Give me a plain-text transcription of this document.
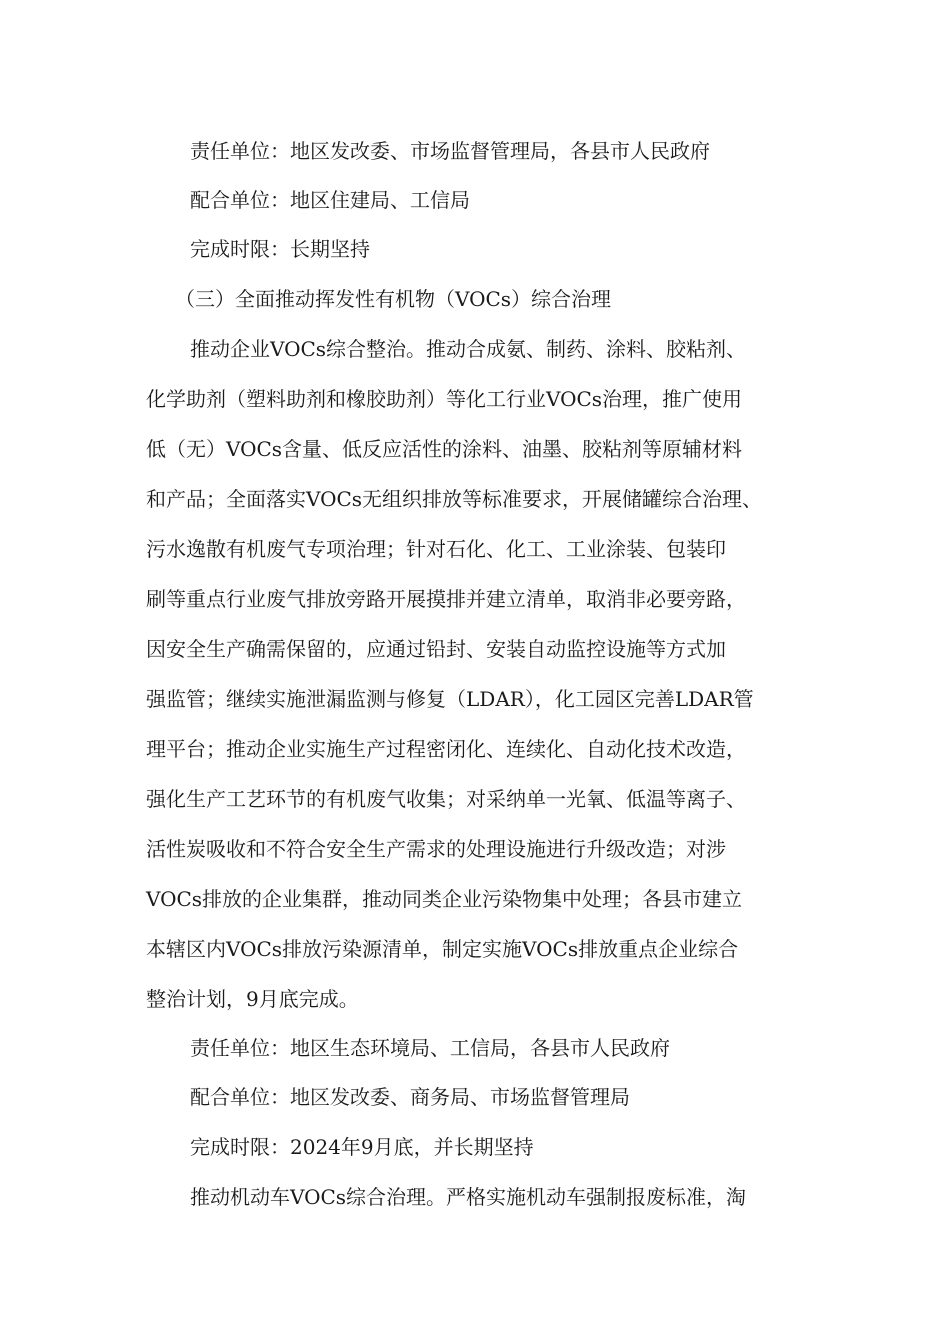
责任单位：地区发改委、市场监督管理局，各县市人民政府
配合单位：地区住建局、工信局
完成时限：长期坚持
（三）全面推动挥发性有机物（VOCs）综合治理
推动企业VOCs综合整治。推动合成氨、制药、涂料、胶粘剂、
化学助剂（塑料助剂和橡胶助剂）等化工行业VOCs治理，推广使用
低（无）VOCs含量、低反应活性的涂料、油墨、胶粘剂等原辅材料
和产品；全面落实VOCs无组织排放等标准要求，开展储罐综合治理、
污水逸散有机废气专项治理；针对石化、化工、工业涂装、包装印
刷等重点行业废气排放旁路开展摸排并建立清单，取消非必要旁路，
因安全生产确需保留的，应通过铅封、安装自动监控设施等方式加
强监管；继续实施泄漏监测与修复（LDAR），化工园区完善LDAR管
理平台；推动企业实施生产过程密闭化、连续化、自动化技术改造，
强化生产工艺环节的有机废气收集；对采纳单一光氧、低温等离子、
活性炭吸收和不符合安全生产需求的处理设施进行升级改造；对涉
VOCs排放的企业集群，推动同类企业污染物集中处理；各县市建立
本辖区内VOCs排放污染源清单，制定实施VOCs排放重点企业综合
整治计划，9月底完成。
责任单位：地区生态环境局、工信局，各县市人民政府
配合单位：地区发改委、商务局、市场监督管理局
完成时限：2024年9月底，并长期坚持
推动机动车VOCs综合治理。严格实施机动车强制报废标准，淘
